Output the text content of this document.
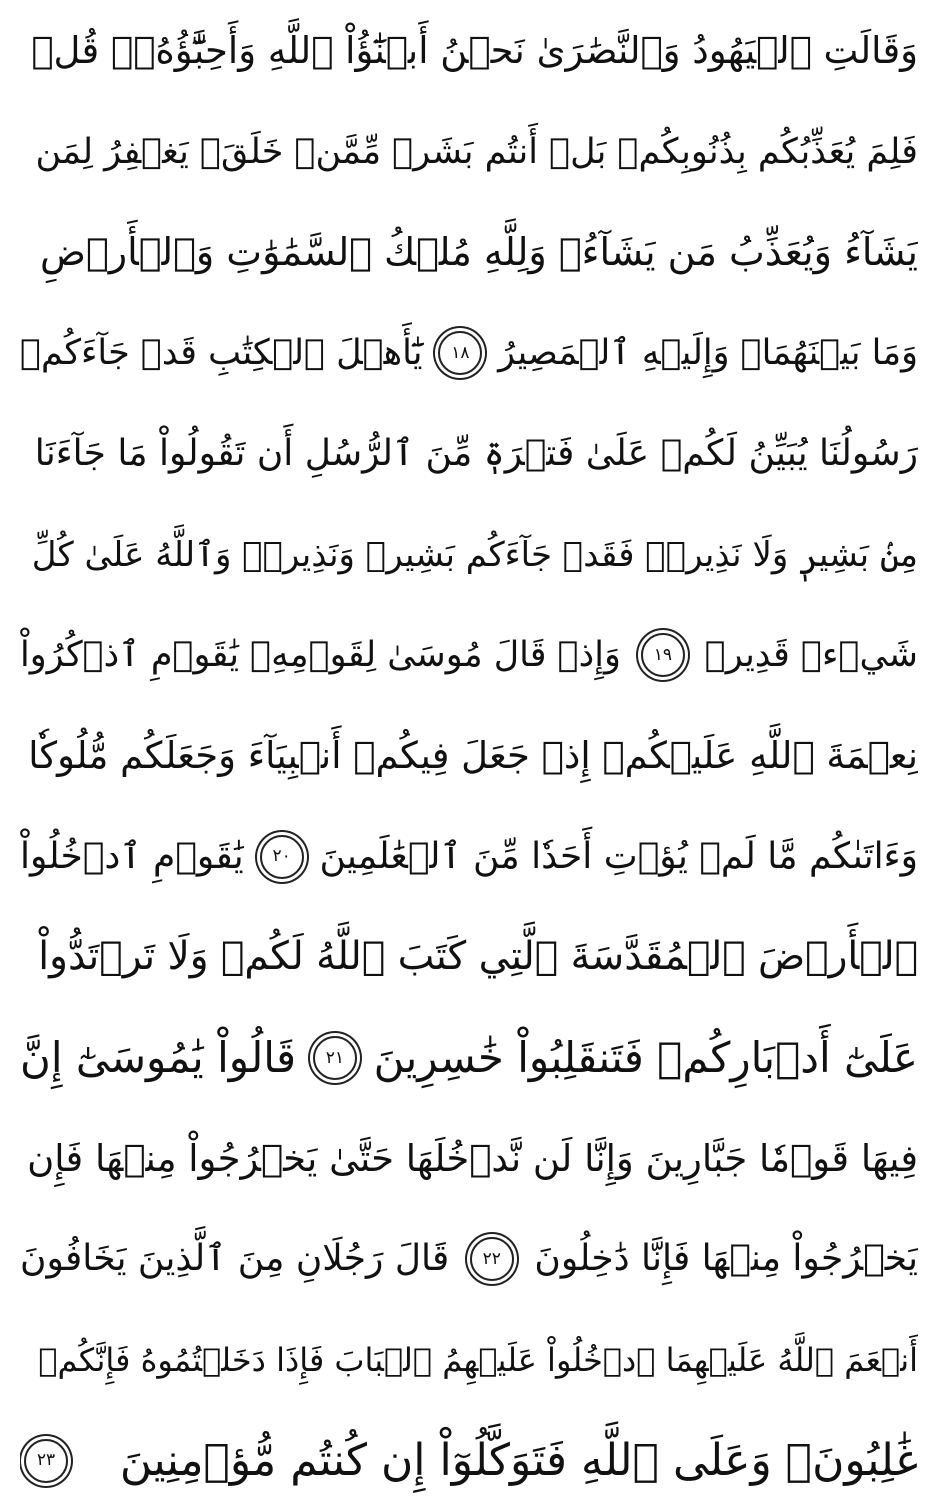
وَقَالَتِ ٱلۡيَهُودُ وَٱلنَّصَٰرَىٰ نَحۡنُ أَبۡنَٰٓؤُاْ ٱللَّهِ وَأَحِبَّٰٓؤُهُۥۚ قُلۡ
فَلِمَ يُعَذِّبُكُم بِذُنُوبِكُمۖ بَلۡ أَنتُم بَشَرٞ مِّمَّنۡ خَلَقَۚ يَغۡفِرُ لِمَن
يَشَآءُ وَيُعَذِّبُ مَن يَشَآءُۚ وَلِلَّهِ مُلۡكُ ٱلسَّمَٰوَٰتِ وَٱلۡأَرۡضِ
وَمَا بَيۡنَهُمَاۖ وَإِلَيۡهِ ٱلۡمَصِيرُ
١٨
يَٰٓأَهۡلَ ٱلۡكِتَٰبِ قَدۡ جَآءَكُمۡ
رَسُولُنَا يُبَيِّنُ لَكُمۡ عَلَىٰ فَتۡرَةٖ مِّنَ ٱلرُّسُلِ أَن تَقُولُواْ مَا جَآءَنَا
مِنۢ بَشِيرٖ وَلَا نَذِيرٖۖ فَقَدۡ جَآءَكُم بَشِيرٞ وَنَذِيرٞۗ وَٱللَّهُ عَلَىٰ كُلِّ
شَيۡءٖ قَدِيرٞ
١٩
وَإِذۡ قَالَ مُوسَىٰ لِقَوۡمِهِۦ يَٰقَوۡمِ ٱذۡكُرُواْ
نِعۡمَةَ ٱللَّهِ عَلَيۡكُمۡ إِذۡ جَعَلَ فِيكُمۡ أَنۢبِيَآءَ وَجَعَلَكُم مُّلُوكٗا
وَءَاتَىٰكُم مَّا لَمۡ يُؤۡتِ أَحَدٗا مِّنَ ٱلۡعَٰلَمِينَ
٢٠
يَٰقَوۡمِ ٱدۡخُلُواْ
ٱلۡأَرۡضَ ٱلۡمُقَدَّسَةَ ٱلَّتِي كَتَبَ ٱللَّهُ لَكُمۡ وَلَا تَرۡتَدُّواْ
عَلَىٰٓ أَدۡبَارِكُمۡ فَتَنقَلِبُواْ خَٰسِرِينَ
٢١
قَالُواْ يَٰمُوسَىٰٓ إِنَّ
فِيهَا قَوۡمٗا جَبَّارِينَ وَإِنَّا لَن نَّدۡخُلَهَا حَتَّىٰ يَخۡرُجُواْ مِنۡهَا فَإِن
يَخۡرُجُواْ مِنۡهَا فَإِنَّا دَٰخِلُونَ
٢٢
قَالَ رَجُلَانِ مِنَ ٱلَّذِينَ يَخَافُونَ
أَنۡعَمَ ٱللَّهُ عَلَيۡهِمَا ٱدۡخُلُواْ عَلَيۡهِمُ ٱلۡبَابَ فَإِذَا دَخَلۡتُمُوهُ فَإِنَّكُمۡ
غَٰلِبُونَۚ وَعَلَى ٱللَّهِ فَتَوَكَّلُوٓاْ إِن كُنتُم مُّؤۡمِنِينَ
٢٣
